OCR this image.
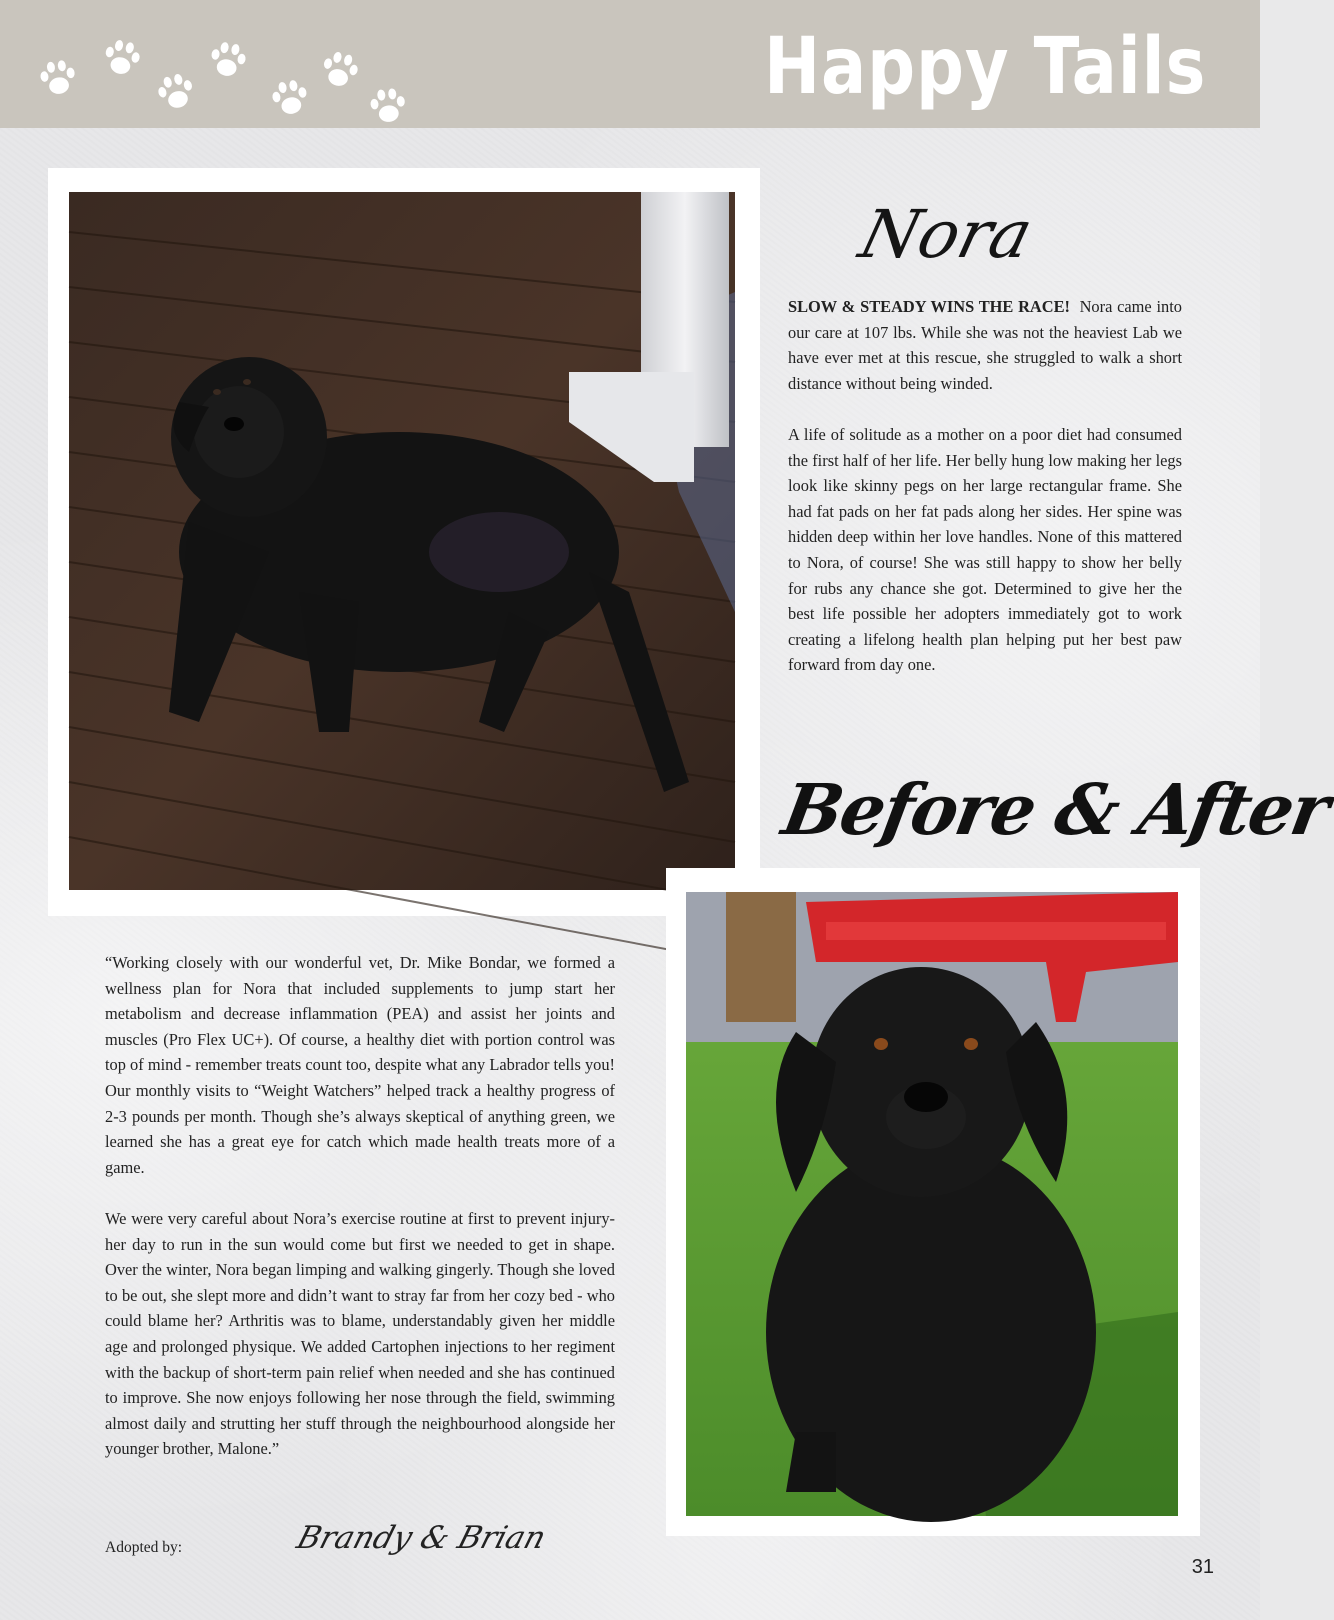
Happy Tails
Nora

SLOW & STEADY WINS THE RACE! Nora came into our care at 107 lbs. While she was not the heaviest Lab we have ever met at this rescue, she struggled to walk a short distance without being winded.

A life of solitude as a mother on a poor diet had consumed the first half of her life. Her belly hung low making her legs look like skinny pegs on her large rectangular frame. She had fat pads on her fat pads along her sides. Her spine was hidden deep within her love handles. None of this mattered to Nora, of course! She was still happy to show her belly for rubs any chance she got. Determined to give her the best life possible her adopters immediately got to work creating a lifelong health plan helping put her best paw forward from day one.

Before & After

“Working closely with our wonderful vet, Dr. Mike Bondar, we formed a wellness plan for Nora that included supplements to jump start her metabolism and decrease inflammation (PEA) and assist her joints and muscles (Pro Flex UC+). Of course, a healthy diet with portion control was top of mind - remember treats count too, despite what any Labrador tells you! Our monthly visits to “Weight Watchers” helped track a healthy progress of 2-3 pounds per month. Though she’s always skeptical of anything green, we learned she has a great eye for catch which made health treats more of a game.

We were very careful about Nora’s exercise routine at first to prevent injury-her day to run in the sun would come but first we needed to get in shape. Over the winter, Nora began limping and walking gingerly. Though she loved to be out, she slept more and didn’t want to stray far from her cozy bed - who could blame her? Arthritis was to blame, understandably given her middle age and prolonged physique. We added Cartophen injections to her regiment with the backup of short-term pain relief when needed and she has continued to improve. She now enjoys following her nose through the field, swimming almost daily and strutting her stuff through the neighbourhood alongside her younger brother, Malone.”

Adopted by:	Brandy & Brian
31
